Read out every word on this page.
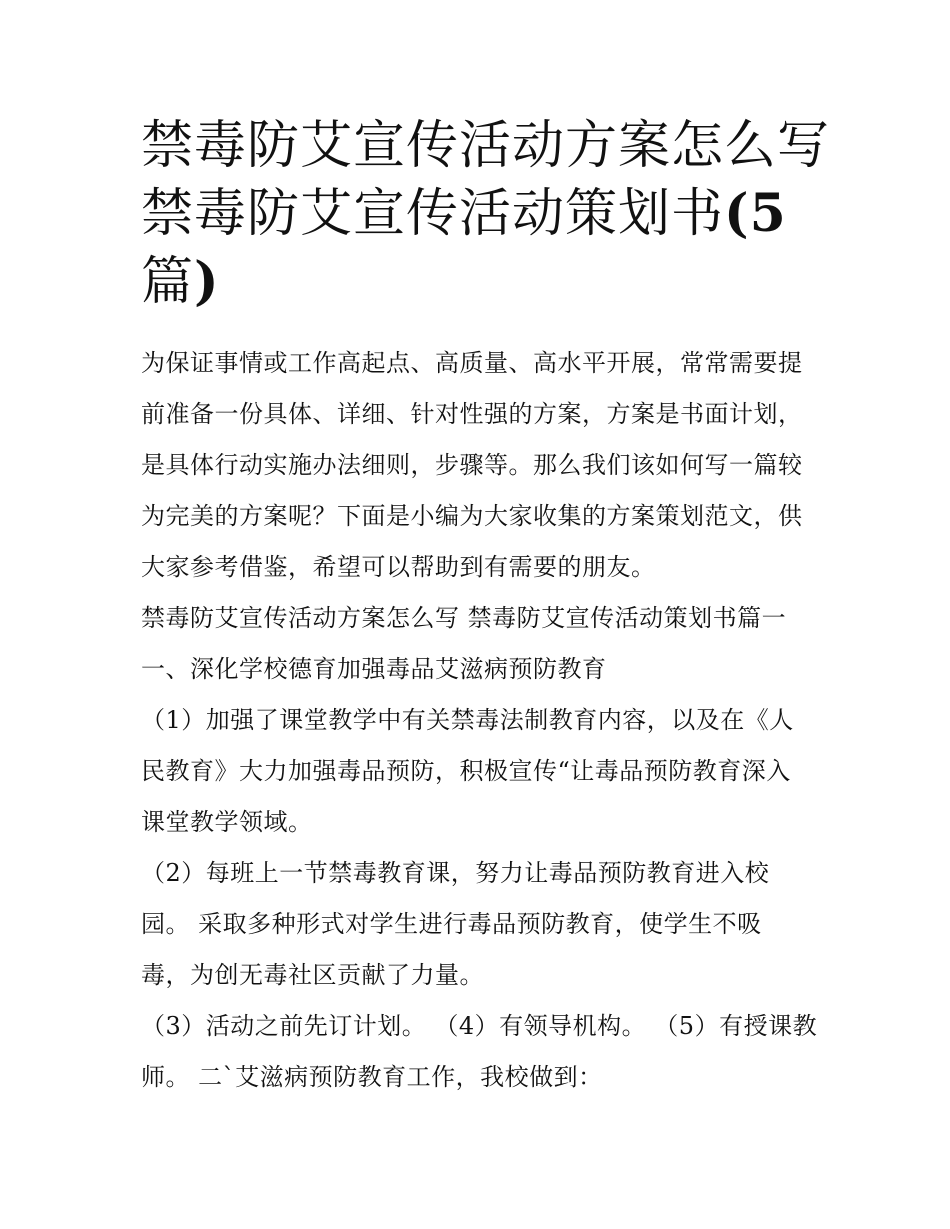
禁毒防艾宣传活动方案怎么写
禁毒防艾宣传活动策划书(5
篇)

为保证事情或工作高起点、高质量、高水平开展，常常需要提
前准备一份具体、详细、针对性强的方案，方案是书面计划，
是具体行动实施办法细则，步骤等。那么我们该如何写一篇较
为完美的方案呢？下面是小编为大家收集的方案策划范文，供
大家参考借鉴，希望可以帮助到有需要的朋友。

禁毒防艾宣传活动方案怎么写 禁毒防艾宣传活动策划书篇一

一、深化学校德育加强毒品艾滋病预防教育

（1）加强了课堂教学中有关禁毒法制教育内容，以及在《人
民教育》大力加强毒品预防，积极宣传“让毒品预防教育深入
课堂教学领域。

（2）每班上一节禁毒教育课，努力让毒品预防教育进入校
园。 采取多种形式对学生进行毒品预防教育，使学生不吸
毒，为创无毒社区贡献了力量。

（3）活动之前先订计划。 （4）有领导机构。 （5）有授课教
师。 二`艾滋病预防教育工作，我校做到：
